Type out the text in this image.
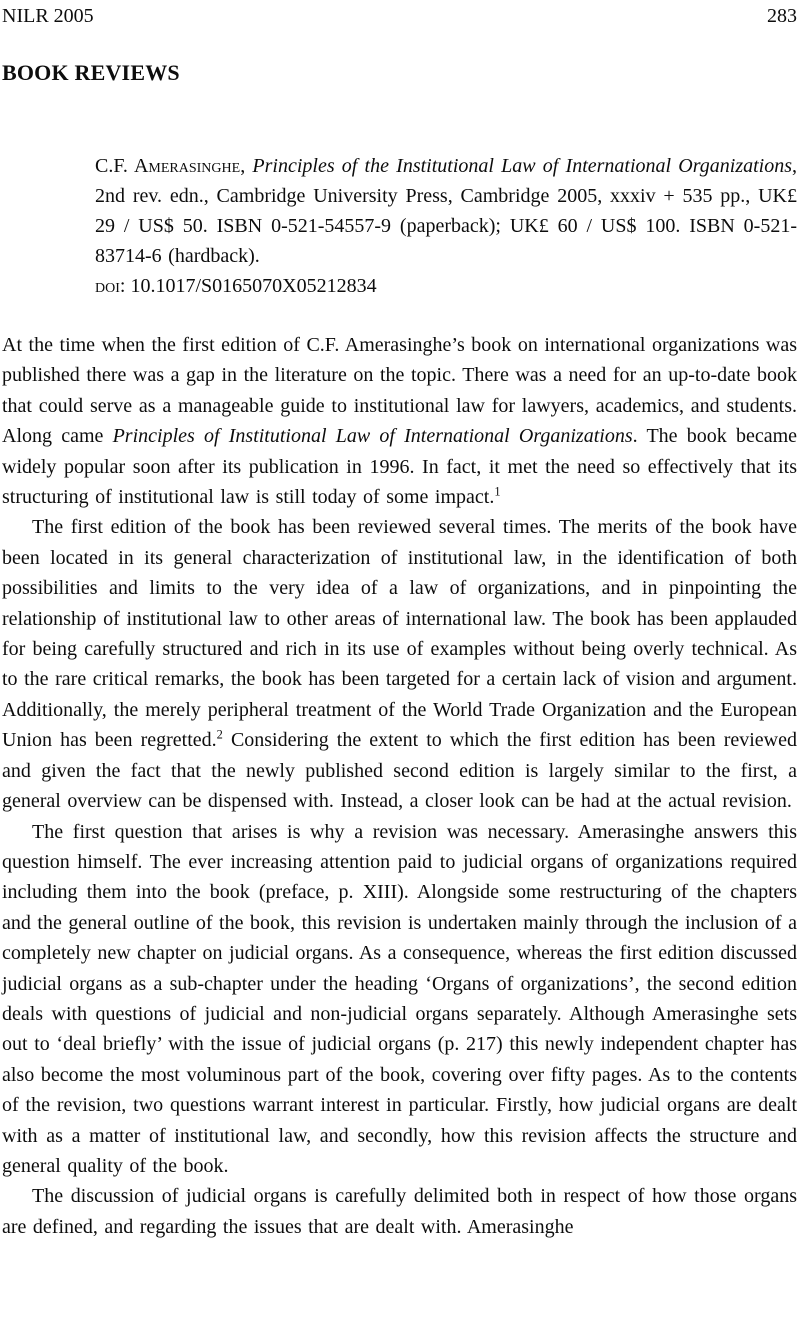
NILR 2005	283
BOOK REVIEWS

C.F. Amerasinghe, Principles of the Institutional Law of International Organizations, 2nd rev. edn., Cambridge University Press, Cambridge 2005, xxxiv + 535 pp., UK£ 29 / US$ 50. ISBN 0-521-54557-9 (paperback); UK£ 60 / US$ 100. ISBN 0-521-83714-6 (hardback).

doi: 10.1017/S0165070X05212834

At the time when the first edition of C.F. Amerasinghe’s book on international organizations was published there was a gap in the literature on the topic. There was a need for an up-to-date book that could serve as a manageable guide to institutional law for lawyers, academics, and students. Along came Principles of Institutional Law of International Organizations. The book became widely popular soon after its publication in 1996. In fact, it met the need so effectively that its structuring of institutional law is still today of some impact.$^1$

The first edition of the book has been reviewed several times. The merits of the book have been located in its general characterization of institutional law, in the identification of both possibilities and limits to the very idea of a law of organizations, and in pinpointing the relationship of institutional law to other areas of international law. The book has been applauded for being carefully structured and rich in its use of examples without being overly technical. As to the rare critical remarks, the book has been targeted for a certain lack of vision and argument. Additionally, the merely peripheral treatment of the World Trade Organization and the European Union has been regretted.$^2$ Considering the extent to which the first edition has been reviewed and given the fact that the newly published second edition is largely similar to the first, a general overview can be dispensed with. Instead, a closer look can be had at the actual revision.

The first question that arises is why a revision was necessary. Amerasinghe answers this question himself. The ever increasing attention paid to judicial organs of organizations required including them into the book (preface, p. XIII). Alongside some restructuring of the chapters and the general outline of the book, this revision is undertaken mainly through the inclusion of a completely new chapter on judicial organs. As a consequence, whereas the first edition discussed judicial organs as a sub-chapter under the heading ‘Organs of organizations’, the second edition deals with questions of judicial and non-judicial organs separately. Although Amerasinghe sets out to ‘deal briefly’ with the issue of judicial organs (p. 217) this newly independent chapter has also become the most voluminous part of the book, covering over fifty pages. As to the contents of the revision, two questions warrant interest in particular. Firstly, how judicial organs are dealt with as a matter of institutional law, and secondly, how this revision affects the structure and general quality of the book.

The discussion of judicial organs is carefully delimited both in respect of how those organs are defined, and regarding the issues that are dealt with. Amerasinghe
